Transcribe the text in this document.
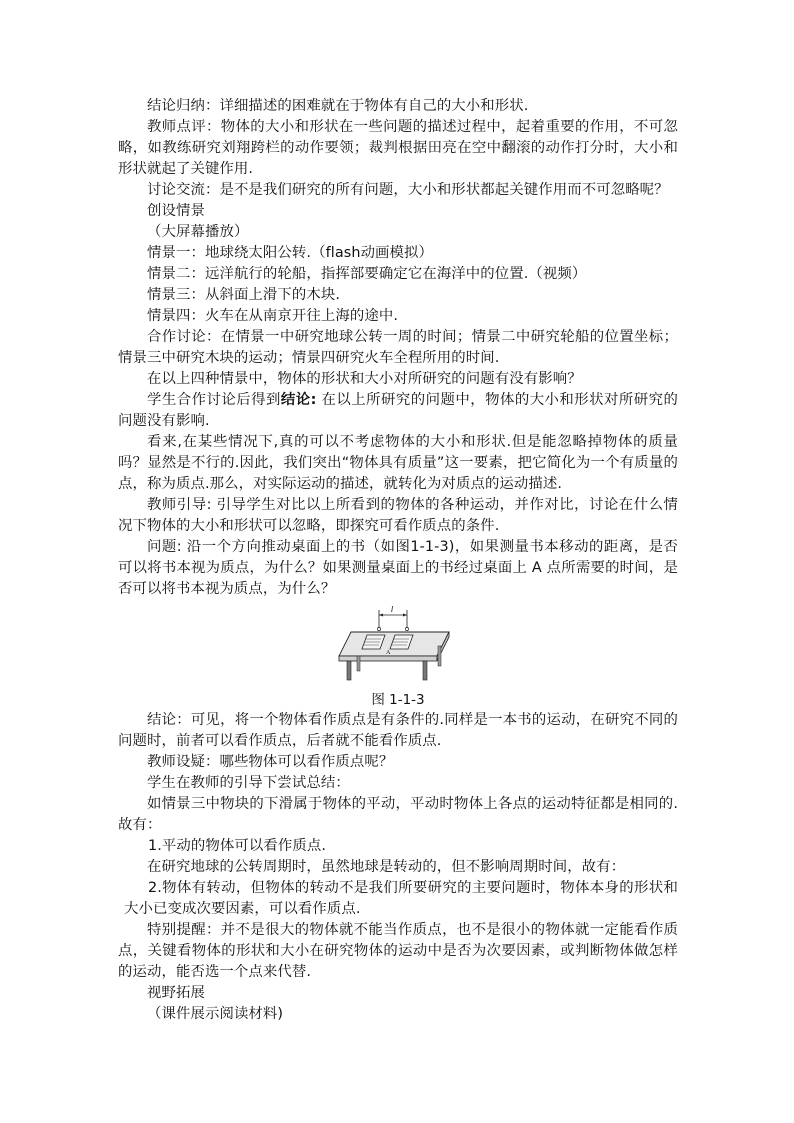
结论归纳：详细描述的困难就在于物体有自己的大小和形状.

教师点评：物体的大小和形状在一些问题的描述过程中，起着重要的作用，不可忽略，如教练研究刘翔跨栏的动作要领；裁判根据田亮在空中翻滚的动作打分时，大小和形状就起了关键作用.

讨论交流：是不是我们研究的所有问题，大小和形状都起关键作用而不可忽略呢？

创设情景

（大屏幕播放）

情景一：地球绕太阳公转.（flash动画模拟）

情景二：远洋航行的轮船，指挥部要确定它在海洋中的位置.（视频）

情景三：从斜面上滑下的木块.

情景四：火车在从南京开往上海的途中.

合作讨论：在情景一中研究地球公转一周的时间；情景二中研究轮船的位置坐标；情景三中研究木块的运动；情景四研究火车全程所用的时间.

在以上四种情景中，物体的形状和大小对所研究的问题有没有影响？

学生合作讨论后得到结论: 在以上所研究的问题中，物体的大小和形状对所研究的问题没有影响.

看来,在某些情况下,真的可以不考虑物体的大小和形状.但是能忽略掉物体的质量吗？显然是不行的.因此，我们突出“物体具有质量”这一要素，把它简化为一个有质量的点，称为质点.那么，对实际运动的描述，就转化为对质点的运动描述.

教师引导: 引导学生对比以上所看到的物体的各种运动，并作对比，讨论在什么情况下物体的大小和形状可以忽略，即探究可看作质点的条件.

问题: 沿一个方向推动桌面上的书（如图1-1-3)，如果测量书本移动的距离，是否可以将书本视为质点，为什么？如果测量桌面上的书经过桌面上 A 点所需要的时间，是否可以将书本视为质点，为什么？

l
A
图 1-1-3

结论：可见，将一个物体看作质点是有条件的.同样是一本书的运动，在研究不同的问题时，前者可以看作质点，后者就不能看作质点.

教师设疑：哪些物体可以看作质点呢？

学生在教师的引导下尝试总结：

如情景三中物块的下滑属于物体的平动，平动时物体上各点的运动特征都是相同的.故有：

1.平动的物体可以看作质点.

在研究地球的公转周期时，虽然地球是转动的，但不影响周期时间，故有：

2.物体有转动，但物体的转动不是我们所要研究的主要问题时，物体本身的形状和大小已变成次要因素，可以看作质点.

特别提醒：并不是很大的物体就不能当作质点，也不是很小的物体就一定能看作质点，关键看物体的形状和大小在研究物体的运动中是否为次要因素，或判断物体做怎样的运动，能否选一个点来代替.

视野拓展

（课件展示阅读材料)
